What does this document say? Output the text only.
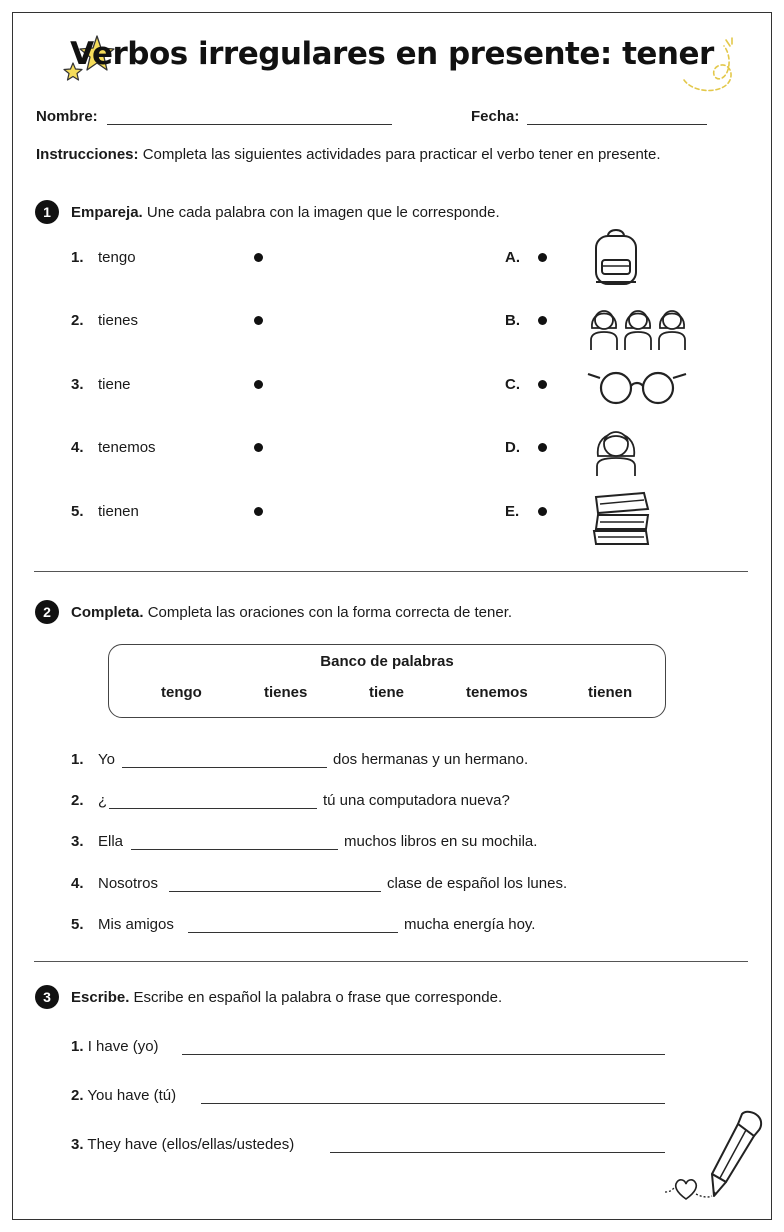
Verbos irregulares en presente: tener
Nombre:	Fecha:
Instrucciones: Completa las siguientes actividades para practicar el verbo tener en presente.
1	Empareja. Une cada palabra con la imagen que le corresponde.
1. tengo	A.
2. tienes	B.
3. tiene	C.
4. tenemos	D.
5. tienen	E.
2	Completa. Completa las oraciones con la forma correcta de tener.
Banco de palabras
tengo	tienes	tiene	tenemos	tienen
1. Yo	dos hermanas y un hermano.
2. ¿	tú una computadora nueva?
3. Ella	muchos libros en su mochila.
4. Nosotros	clase de español los lunes.
5. Mis amigos	mucha energía hoy.
3	Escribe. Escribe en español la palabra o frase que corresponde.
1. I have (yo)
2. You have (tú)
3. They have (ellos/ellas/ustedes)
